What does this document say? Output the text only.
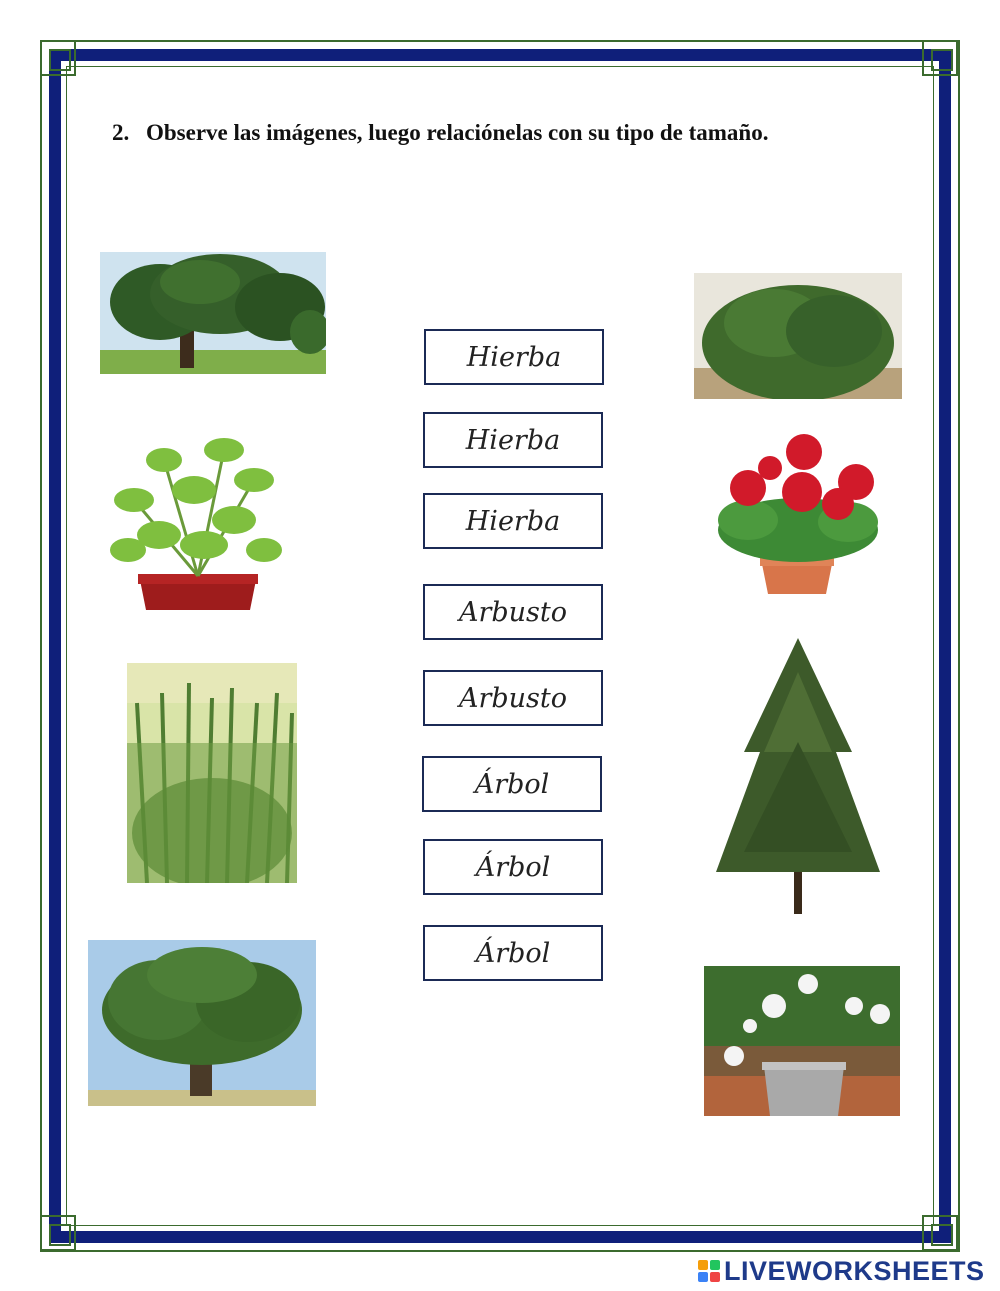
2. Observe las imágenes, luego relaciónelas con su tipo de tamaño.
Hierba
Hierba
Hierba
Arbusto
Arbusto
Árbol
Árbol
Árbol
LIVEWORKSHEETS
